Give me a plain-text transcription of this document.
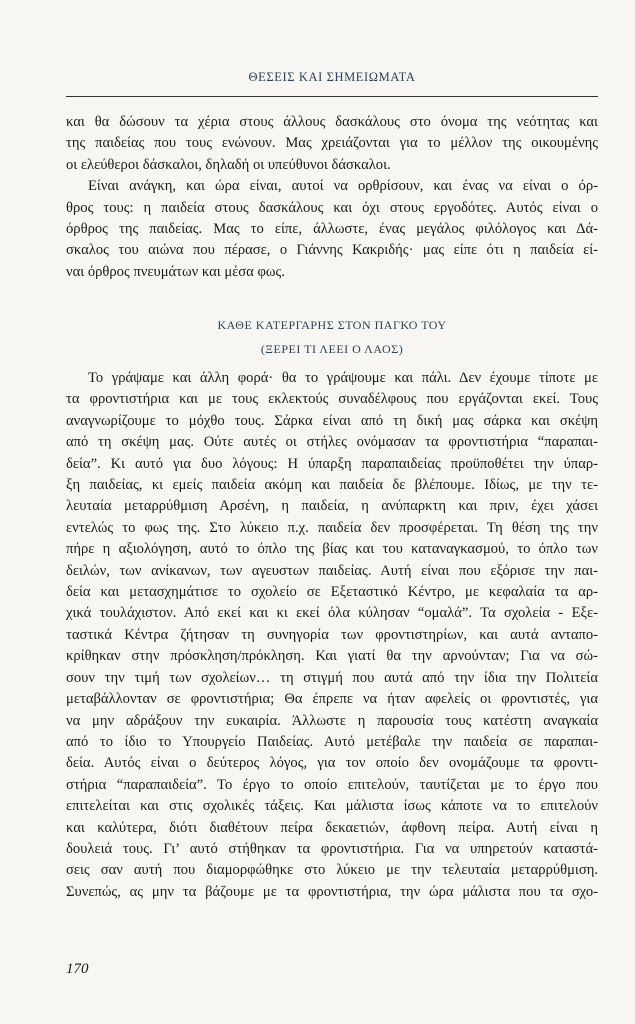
ΘΕΣΕΙΣ ΚΑΙ ΣΗΜΕΙΩΜΑΤΑ
και θα δώσουν τα χέρια στους άλλους δασκάλους στο όνομα της νεότητας και
της παιδείας που τους ενώνουν. Μας χρειάζονται για το μέλλον της οικουμένης
οι ελεύθεροι δάσκαλοι, δηλαδή οι υπεύθυνοι δάσκαλοι.
Είναι ανάγκη, και ώρα είναι, αυτοί να ορθρίσουν, και ένας να είναι ο όρ-
θρος τους: η παιδεία στους δασκάλους και όχι στους εργοδότες. Αυτός είναι ο
όρθρος της παιδείας. Μας το είπε, άλλωστε, ένας μεγάλος φιλόλογος και Δά-
σκαλος του αιώνα που πέρασε, ο Γιάννης Κακριδής· μας είπε ότι η παιδεία εί-
ναι όρθρος πνευμάτων και μέσα φως.
ΚΑΘΕ ΚΑΤΕΡΓΑΡΗΣ ΣΤΟΝ ΠΑΓΚΟ ΤΟΥ
(ΞΕΡΕΙ ΤΙ ΛΕΕΙ Ο ΛΑΟΣ)
Το γράψαμε και άλλη φορά· θα το γράψουμε και πάλι. Δεν έχουμε τίποτε με
τα φροντιστήρια και με τους εκλεκτούς συναδέλφους που εργάζονται εκεί. Τους
αναγνωρίζουμε το μόχθο τους. Σάρκα είναι από τη δική μας σάρκα και σκέψη
από τη σκέψη μας. Ούτε αυτές οι στήλες ονόμασαν τα φροντιστήρια “παραπαι-
δεία”. Κι αυτό για δυο λόγους: Η ύπαρξη παραπαιδείας προϋποθέτει την ύπαρ-
ξη παιδείας, κι εμείς παιδεία ακόμη και παιδεία δε βλέπουμε. Ιδίως, με την τε-
λευταία μεταρρύθμιση Αρσένη, η παιδεία, η ανύπαρκτη και πριν, έχει χάσει
εντελώς το φως της. Στο λύκειο π.χ. παιδεία δεν προσφέρεται. Τη θέση της την
πήρε η αξιολόγηση, αυτό το όπλο της βίας και του καταναγκασμού, το όπλο των
δειλών, των ανίκανων, των αγευστων παιδείας. Αυτή είναι που εξόρισε την παι-
δεία και μετασχημάτισε το σχολείο σε Εξεταστικό Κέντρο, με κεφαλαία τα αρ-
χικά τουλάχιστον. Από εκεί και κι εκεί όλα κύλησαν “ομαλά”. Τα σχολεία - Εξε-
ταστικά Κέντρα ζήτησαν τη συνηγορία των φροντιστηρίων, και αυτά ανταπο-
κρίθηκαν στην πρόσκληση/πρόκληση. Και γιατί θα την αρνούνταν; Για να σώ-
σουν την τιμή των σχολείων… τη στιγμή που αυτά από την ίδια την Πολιτεία
μεταβάλλονταν σε φροντιστήρια; Θα έπρεπε να ήταν αφελείς οι φροντιστές, για
να μην αδράξουν την ευκαιρία. Άλλωστε η παρουσία τους κατέστη αναγκαία
από το ίδιο το Υπουργείο Παιδείας. Αυτό μετέβαλε την παιδεία σε παραπαι-
δεία. Αυτός είναι ο δεύτερος λόγος, για τον οποίο δεν ονομάζουμε τα φροντι-
στήρια “παραπαιδεία”. Το έργο το οποίο επιτελούν, ταυτίζεται με το έργο που
επιτελείται και στις σχολικές τάξεις. Και μάλιστα ίσως κάποτε να το επιτελούν
και καλύτερα, διότι διαθέτουν πείρα δεκαετιών, άφθονη πείρα. Αυτή είναι η
δουλειά τους. Γι’ αυτό στήθηκαν τα φροντιστήρια. Για να υπηρετούν καταστά-
σεις σαν αυτή που διαμορφώθηκε στο λύκειο με την τελευταία μεταρρύθμιση.
Συνεπώς, ας μην τα βάζουμε με τα φροντιστήρια, την ώρα μάλιστα που τα σχο-
170
